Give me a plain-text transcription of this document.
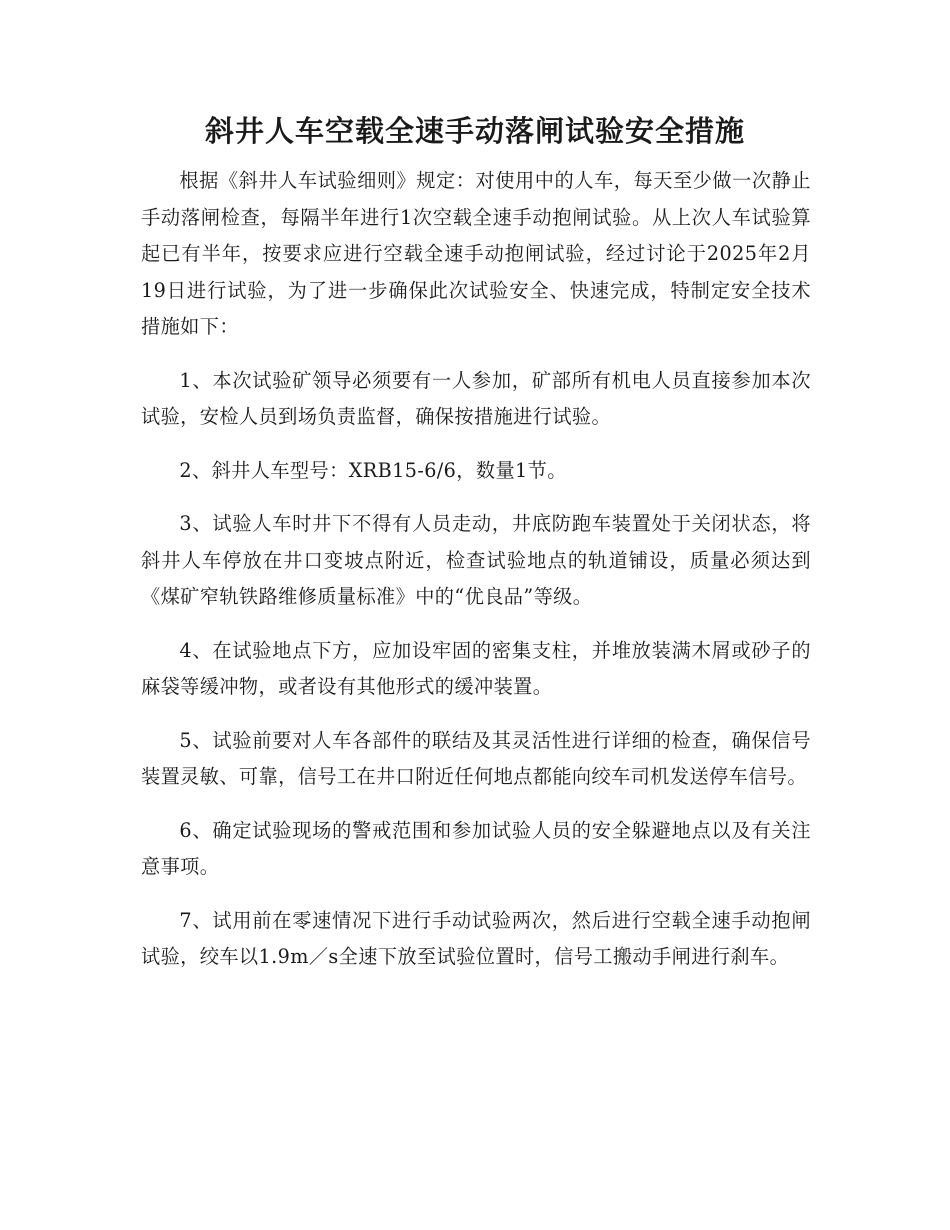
斜井人车空载全速手动落闸试验安全措施

根据《斜井人车试验细则》规定：对使用中的人车，每天至少做一次静止手动落闸检查，每隔半年进行1次空载全速手动抱闸试验。从上次人车试验算起已有半年，按要求应进行空载全速手动抱闸试验，经过讨论于2025年2月19日进行试验，为了进一步确保此次试验安全、快速完成，特制定安全技术措施如下：

1、本次试验矿领导必须要有一人参加，矿部所有机电人员直接参加本次试验，安检人员到场负责监督，确保按措施进行试验。

2、斜井人车型号：XRB15-6/6，数量1节。

3、试验人车时井下不得有人员走动，井底防跑车装置处于关闭状态，将斜井人车停放在井口变坡点附近，检查试验地点的轨道铺设，质量必须达到《煤矿窄轨铁路维修质量标准》中的“优良品”等级。

4、在试验地点下方，应加设牢固的密集支柱，并堆放装满木屑或砂子的麻袋等缓冲物，或者设有其他形式的缓冲装置。

5、试验前要对人车各部件的联结及其灵活性进行详细的检查，确保信号装置灵敏、可靠，信号工在井口附近任何地点都能向绞车司机发送停车信号。

6、确定试验现场的警戒范围和参加试验人员的安全躲避地点以及有关注意事项。

7、试用前在零速情况下进行手动试验两次，然后进行空载全速手动抱闸试验，绞车以1.9m／s全速下放至试验位置时，信号工搬动手闸进行刹车。
